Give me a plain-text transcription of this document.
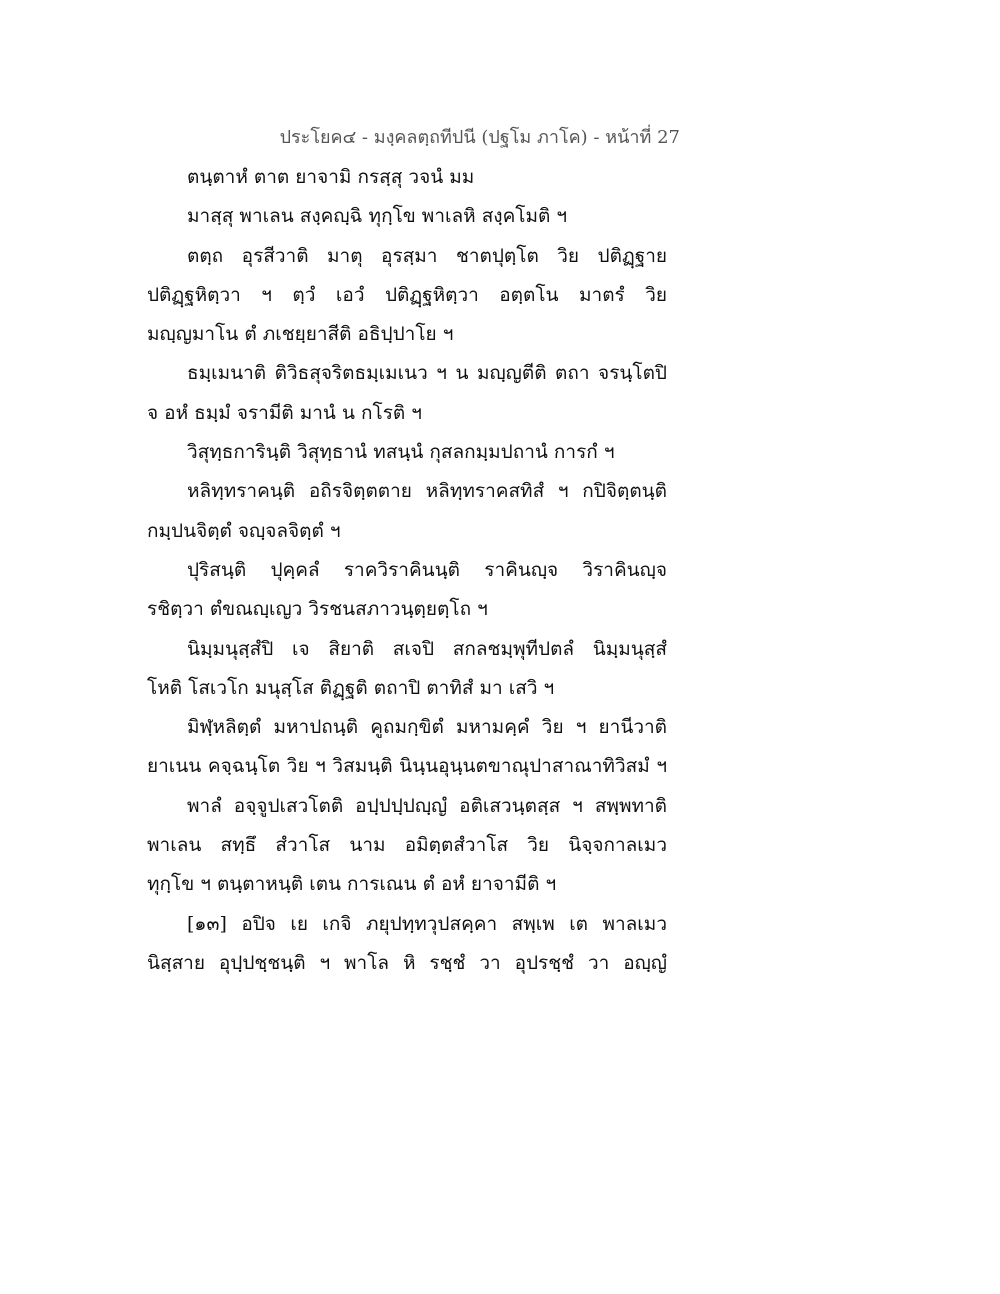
ประโยค๔ - มงฺคลตฺถทีปนี (ปฐโม ภาโค) - หน้าที่ 27
ตนฺตาหํ ตาต ยาจามิ กรสฺสุ วจนํ มม
มาสฺสุ พาเลน สงฺคญฺฉิ ทุกฺโข พาเลหิ สงฺคโมติ ฯ
ตตฺถ อุรสีวาติ มาตุ อุรสฺมา ชาตปุตฺโต วิย ปติฏฺฐาย
ปติฏฺฐหิตฺวา ฯ ตฺวํ เอวํ ปติฏฺฐหิตฺวา อตฺตโน มาตรํ วิย
มญฺญมาโน ตํ ภเชยฺยาสีติ อธิปฺปาโย ฯ
ธมฺเมนาติ ติวิธสุจริตธมฺเมเนว ฯ น มญฺญตีติ ตถา จรนฺโตปิ
จ อหํ ธมฺมํ จรามีติ มานํ น กโรติ ฯ
วิสุทฺธการินฺติ วิสุทฺธานํ ทสนฺนํ กุสลกมฺมปถานํ การกํ ฯ
หลิทฺทราคนฺติ อถิรจิตฺตตาย หลิทฺทราคสทิสํ ฯ กปิจิตฺตนฺติ
กมฺปนจิตฺตํ จญฺจลจิตฺตํ ฯ
ปุริสนฺติ ปุคฺคลํ ราควิราคินนฺติ ราคินญฺจ วิราคินญฺจ
รชิตฺวา ตํขณญฺเญว วิรชนสภาวนฺตฺยตฺโถ ฯ
นิมฺมนุสฺสํปิ เจ สิยาติ สเจปิ สกลชมฺพุทีปตลํ นิมฺมนุสฺสํ
โหติ โสเวโก มนุสฺโส ติฏฺฐติ ตถาปิ ตาทิสํ มา เสวิ ฯ
มิฬฺหลิตฺตํ มหาปถนฺติ คูถมกฺขิตํ มหามคฺคํ วิย ฯ ยานีวาติ
ยาเนน คจฺฉนฺโต วิย ฯ วิสมนฺติ นินฺนอุนฺนตขาณุปาสาณาทิวิสมํ ฯ
พาลํ อจฺจูปเสวโตติ อปฺปปฺปญฺญํ อติเสวนฺตสฺส ฯ สพฺพทาติ
พาเลน สทฺธึ สํวาโส นาม อมิตฺตสํวาโส วิย นิจฺจกาลเมว
ทุกฺโข ฯ ตนฺตาหนฺติ เตน การเณน ตํ อหํ ยาจามีติ ฯ
[๑๓] อปิจ เย เกจิ ภยุปทฺทวุปสคฺคา สพฺเพ เต พาลเมว
นิสฺสาย อุปฺปชฺชนฺติ ฯ พาโล หิ รชฺชํ วา อุปรชฺชํ วา อญฺญํ
